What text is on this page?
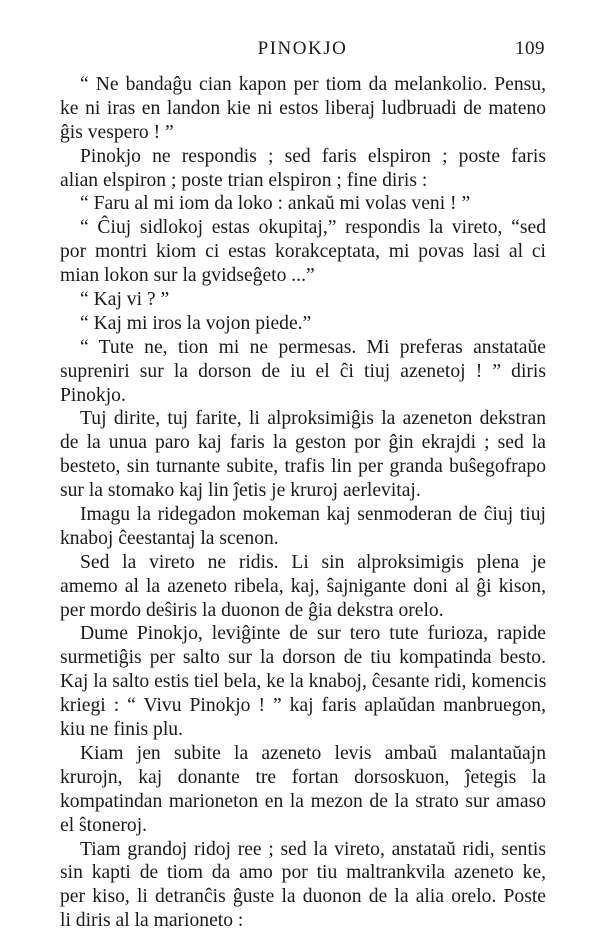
PINOKJO	109
“ Ne bandaĝu cian kapon per tiom da melankolio. Pensu,
ke ni iras en landon kie ni estos liberaj ludbruadi de mateno
ĝis vespero ! ”
Pinokjo ne respondis ; sed faris elspiron ; poste faris
alian elspiron ; poste trian elspiron ; fine diris :
“ Faru al mi iom da loko : ankaŭ mi volas veni ! ”
“ Ĉiuj sidlokoj estas okupitaj,” respondis la vireto, “sed
por montri kiom ci estas korakceptata, mi povas lasi al ci
mian lokon sur la gvidseĝeto ...”
“ Kaj vi ? ”
“ Kaj mi iros la vojon piede.”
“ Tute ne, tion mi ne permesas. Mi preferas anstataŭe
supreniri sur la dorson de iu el ĉi tiuj azenetoj ! ” diris
Pinokjo.
Tuj dirite, tuj farite, li alproksimiĝis la azeneton dekstran
de la unua paro kaj faris la geston por ĝin ekrajdi ; sed la
besteto, sin turnante subite, trafis lin per granda buŝegofrapo
sur la stomako kaj lin ĵetis je kruroj aerlevitaj.
Imagu la ridegadon mokeman kaj senmoderan de ĉiuj tiuj
knaboj ĉeestantaj la scenon.
Sed la vireto ne ridis. Li sin alproksimigis plena je
amemo al la azeneto ribela, kaj, ŝajnigante doni al ĝi kison,
per mordo deŝiris la duonon de ĝia dekstra orelo.
Dume Pinokjo, leviĝinte de sur tero tute furioza, rapide
surmetiĝis per salto sur la dorson de tiu kompatinda besto.
Kaj la salto estis tiel bela, ke la knaboj, ĉesante ridi, komencis
kriegi : “ Vivu Pinokjo ! ” kaj faris aplaŭdan manbruegon,
kiu ne finis plu.
Kiam jen subite la azeneto levis ambaŭ malantaŭajn
krurojn, kaj donante tre fortan dorsoskuon, ĵetegis la
kompatindan marioneton en la mezon de la strato sur amaso
el ŝtoneroj.
Tiam grandoj ridoj ree ; sed la vireto, anstataŭ ridi, sentis
sin kapti de tiom da amo por tiu maltrankvila azeneto ke,
per kiso, li detranĉis ĝuste la duonon de la alia orelo. Poste
li diris al la marioneto :
